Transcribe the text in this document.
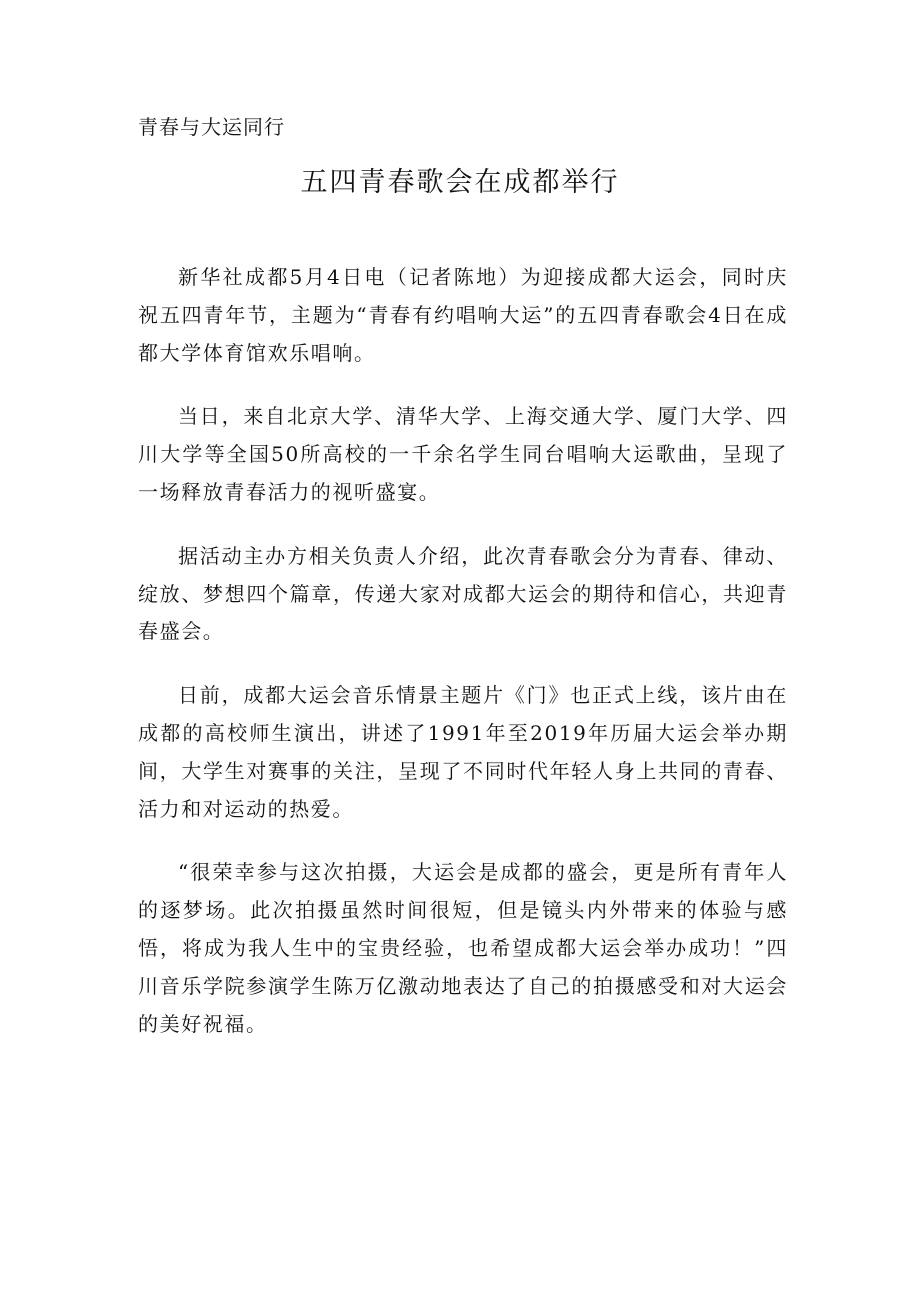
青春与大运同行
五四青春歌会在成都举行

新华社成都5月4日电（记者陈地）为迎接成都大运会，同时庆祝五四青年节，主题为“青春有约唱响大运”的五四青春歌会4日在成都大学体育馆欢乐唱响。

当日，来自北京大学、清华大学、上海交通大学、厦门大学、四川大学等全国50所高校的一千余名学生同台唱响大运歌曲，呈现了一场释放青春活力的视听盛宴。

据活动主办方相关负责人介绍，此次青春歌会分为青春、律动、绽放、梦想四个篇章，传递大家对成都大运会的期待和信心，共迎青春盛会。

日前，成都大运会音乐情景主题片《门》也正式上线，该片由在成都的高校师生演出，讲述了1991年至2019年历届大运会举办期间，大学生对赛事的关注，呈现了不同时代年轻人身上共同的青春、活力和对运动的热爱。

“很荣幸参与这次拍摄，大运会是成都的盛会，更是所有青年人的逐梦场。此次拍摄虽然时间很短，但是镜头内外带来的体验与感悟，将成为我人生中的宝贵经验，也希望成都大运会举办成功！”四川音乐学院参演学生陈万亿激动地表达了自己的拍摄感受和对大运会的美好祝福。
